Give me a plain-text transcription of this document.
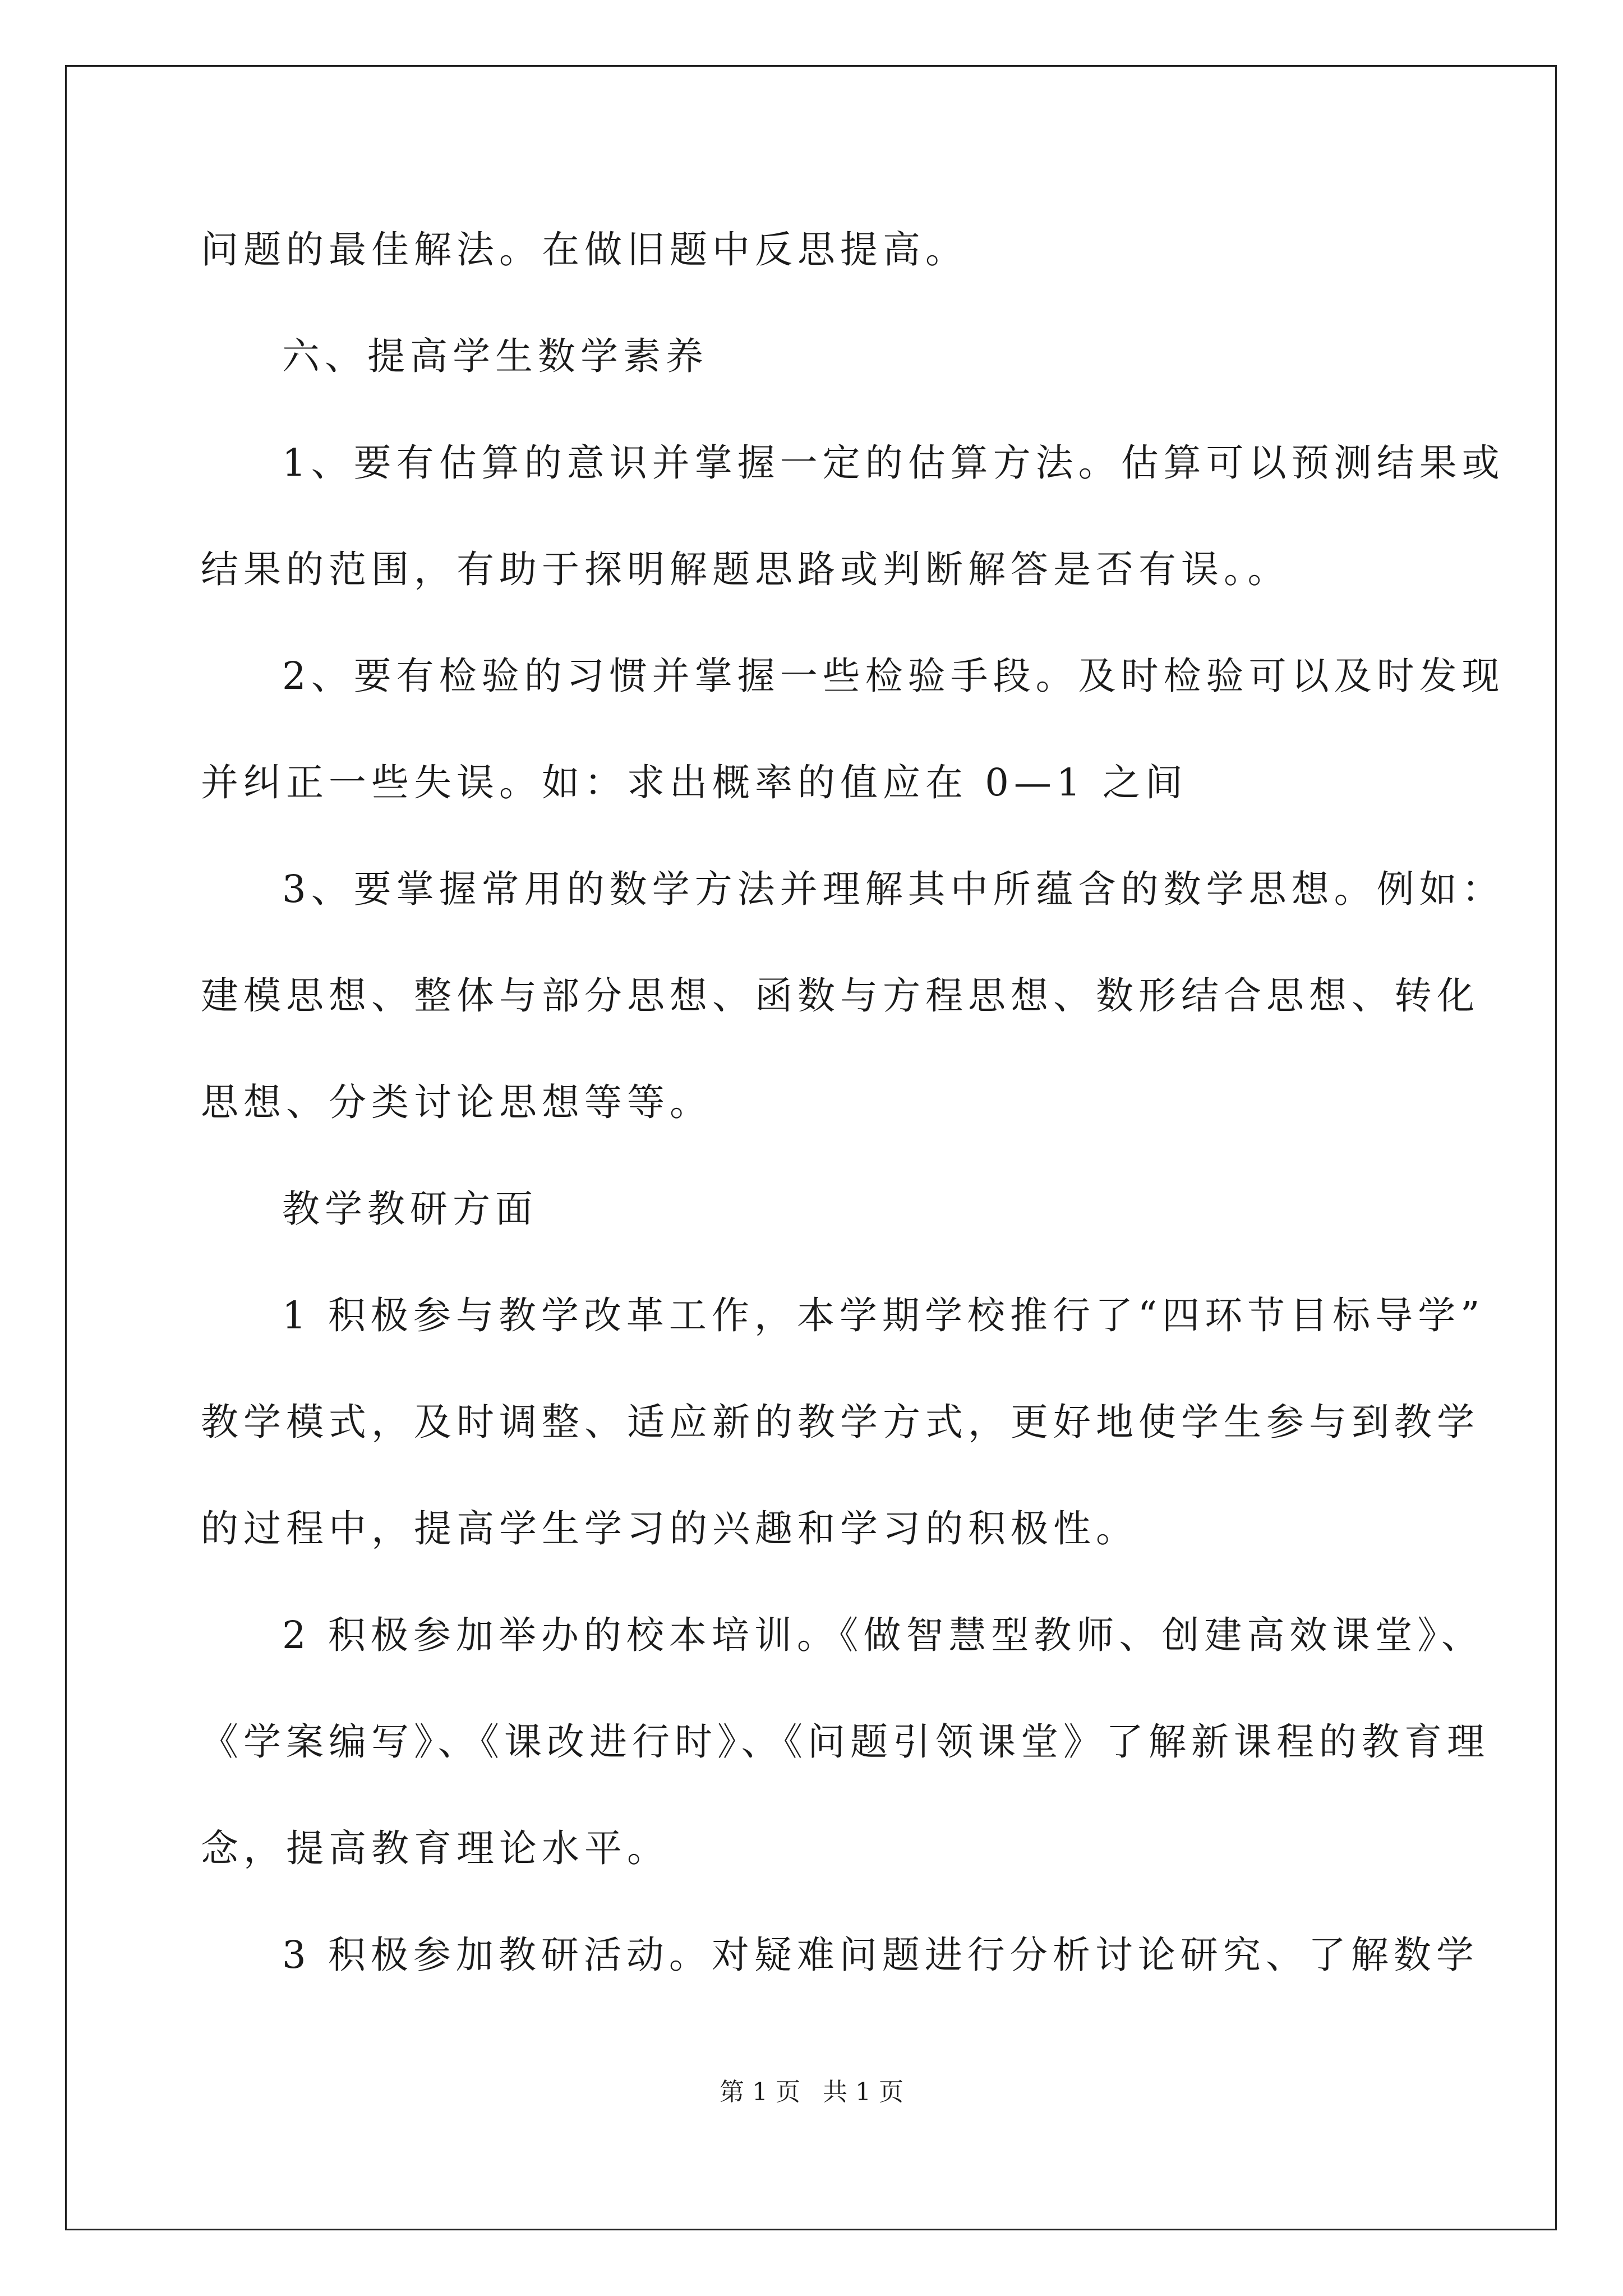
问题的最佳解法。在做旧题中反思提高。
六、提高学生数学素养
1、要有估算的意识并掌握一定的估算方法。估算可以预测结果或
结果的范围，有助于探明解题思路或判断解答是否有误。。
2、要有检验的习惯并掌握一些检验手段。及时检验可以及时发现
并纠正一些失误。如：求出概率的值应在 0—1 之间
3、要掌握常用的数学方法并理解其中所蕴含的数学思想。例如：
建模思想、整体与部分思想、函数与方程思想、数形结合思想、转化
思想、分类讨论思想等等。
教学教研方面
1 积极参与教学改革工作，本学期学校推行了“四环节目标导学”
教学模式，及时调整、适应新的教学方式，更好地使学生参与到教学
的过程中，提高学生学习的兴趣和学习的积极性。
2 积极参加举办的校本培训。《做智慧型教师、创建高效课堂》、
《学案编写》、《课改进行时》、《问题引领课堂》了解新课程的教育理
念，提高教育理论水平。
3 积极参加教研活动。对疑难问题进行分析讨论研究、了解数学
第 1 页 共 1 页
